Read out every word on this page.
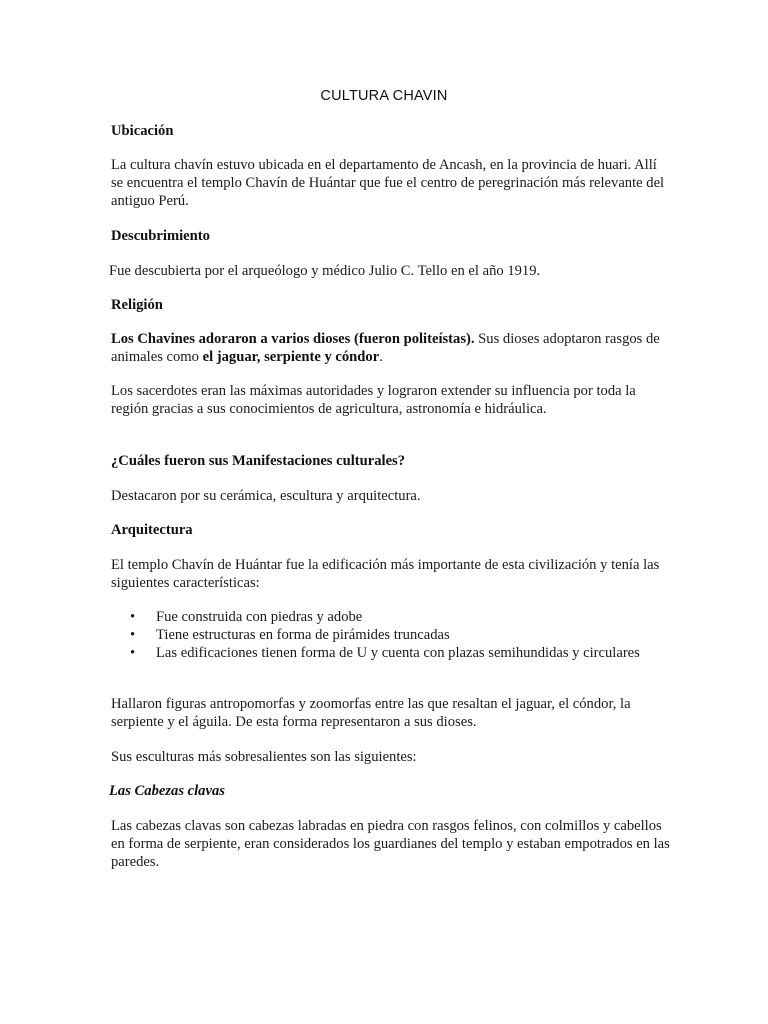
CULTURA CHAVIN
Ubicación

La cultura chavín estuvo ubicada en el departamento de Ancash, en la provincia de huari. Allí se encuentra el templo Chavín de Huántar que fue el centro de peregrinación más relevante del antiguo Perú.

Descubrimiento

Fue descubierta por el arqueólogo y médico Julio C. Tello en el año 1919.

Religión

Los Chavines adoraron a varios dioses (fueron politeístas). Sus dioses adoptaron rasgos de animales como el jaguar, serpiente y cóndor.

Los sacerdotes eran las máximas autoridades y lograron extender su influencia por toda la región gracias a sus conocimientos de agricultura, astronomía e hidráulica.

¿Cuáles fueron sus Manifestaciones culturales?

Destacaron por su cerámica, escultura y arquitectura.

Arquitectura

El templo Chavín de Huántar fue la edificación más importante de esta civilización y tenía las siguientes características:

• Fue construida con piedras y adobe
• Tiene estructuras en forma de pirámides truncadas
• Las edificaciones tienen forma de U y cuenta con plazas semihundidas y circulares

Hallaron figuras antropomorfas y zoomorfas entre las que resaltan el jaguar, el cóndor, la serpiente y el águila. De esta forma representaron a sus dioses.

Sus esculturas más sobresalientes son las siguientes:

Las Cabezas clavas

Las cabezas clavas son cabezas labradas en piedra con rasgos felinos, con colmillos y cabellos en forma de serpiente, eran considerados los guardianes del templo y estaban empotrados en las paredes.
